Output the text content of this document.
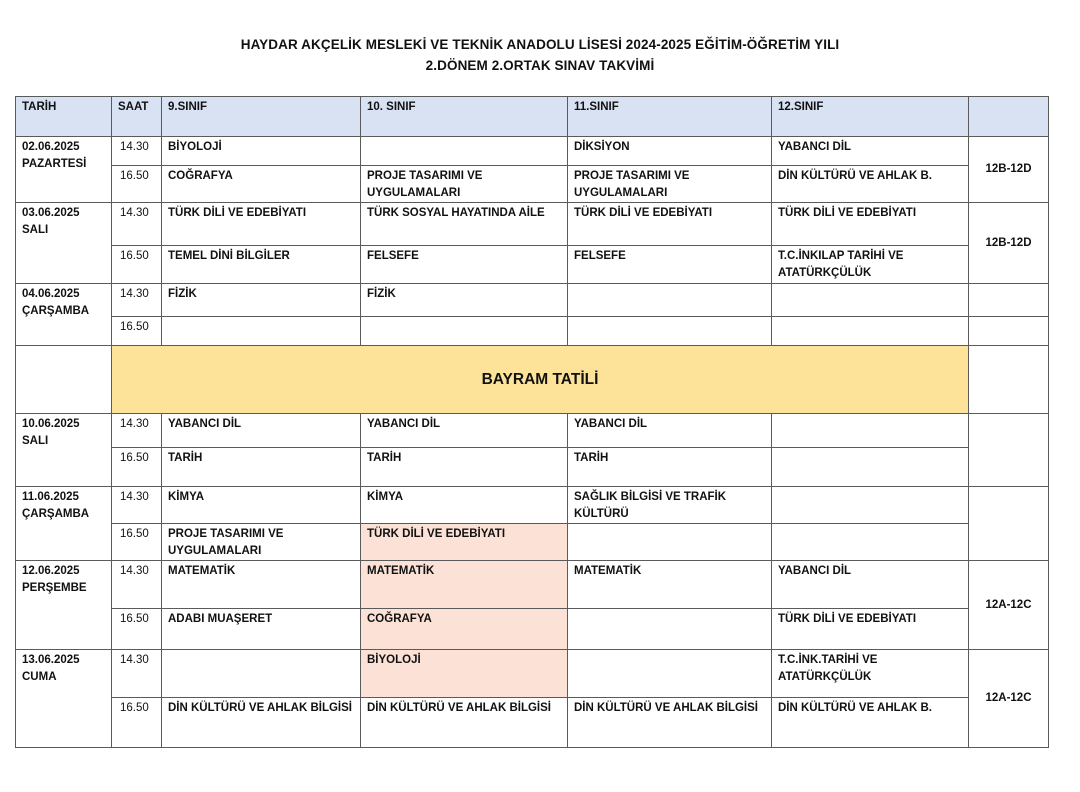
HAYDAR AKÇELİK MESLEKİ VE TEKNİK ANADOLU LİSESİ 2024-2025 EĞİTİM-ÖĞRETİM YILI
2.DÖNEM 2.ORTAK SINAV TAKVİMİ
TARİH	SAAT	9.SINIF	10. SINIF	11.SINIF	12.SINIF	

02.06.2025
PAZARTESİ	14.30	BİYOLOJİ		DİKSİYON	YABANCI DİL	12B-12D
	16.50	COĞRAFYA	PROJE TASARIMI VE UYGULAMALARI	PROJE TASARIMI VE UYGULAMALARI	DİN KÜLTÜRÜ VE AHLAK B.	

03.06.2025
SALI	14.30	TÜRK DİLİ VE EDEBİYATI	TÜRK SOSYAL HAYATINDA AİLE	TÜRK DİLİ VE EDEBİYATI	TÜRK DİLİ VE EDEBİYATI	12B-12D
	16.50	TEMEL DİNİ BİLGİLER	FELSEFE	FELSEFE	T.C.İNKILAP TARİHİ VE ATATÜRKÇÜLÜK	

04.06.2025
ÇARŞAMBA	14.30	FİZİK	FİZİK			
	16.50					
	BAYRAM TATİLİ					

10.06.2025
SALI	14.30	YABANCI DİL	YABANCI DİL	YABANCI DİL		
	16.50	TARİH	TARİH	TARİH		

11.06.2025
ÇARŞAMBA	14.30	KİMYA	KİMYA	SAĞLIK BİLGİSİ VE TRAFİK KÜLTÜRÜ		
	16.50	PROJE TASARIMI VE UYGULAMALARI	TÜRK DİLİ VE EDEBİYATI			

12.06.2025
PERŞEMBE	14.30	MATEMATİK	MATEMATİK	MATEMATİK	YABANCI DİL	12A-12C
	16.50	ADABI MUAŞERET	COĞRAFYA		TÜRK DİLİ VE EDEBİYATI	

13.06.2025
CUMA	14.30		BİYOLOJİ		T.C.İNK.TARİHİ VE ATATÜRKÇÜLÜK	12A-12C
	16.50	DİN KÜLTÜRÜ VE AHLAK BİLGİSİ	DİN KÜLTÜRÜ VE AHLAK BİLGİSİ	DİN KÜLTÜRÜ VE AHLAK BİLGİSİ	DİN KÜLTÜRÜ VE AHLAK B.	
